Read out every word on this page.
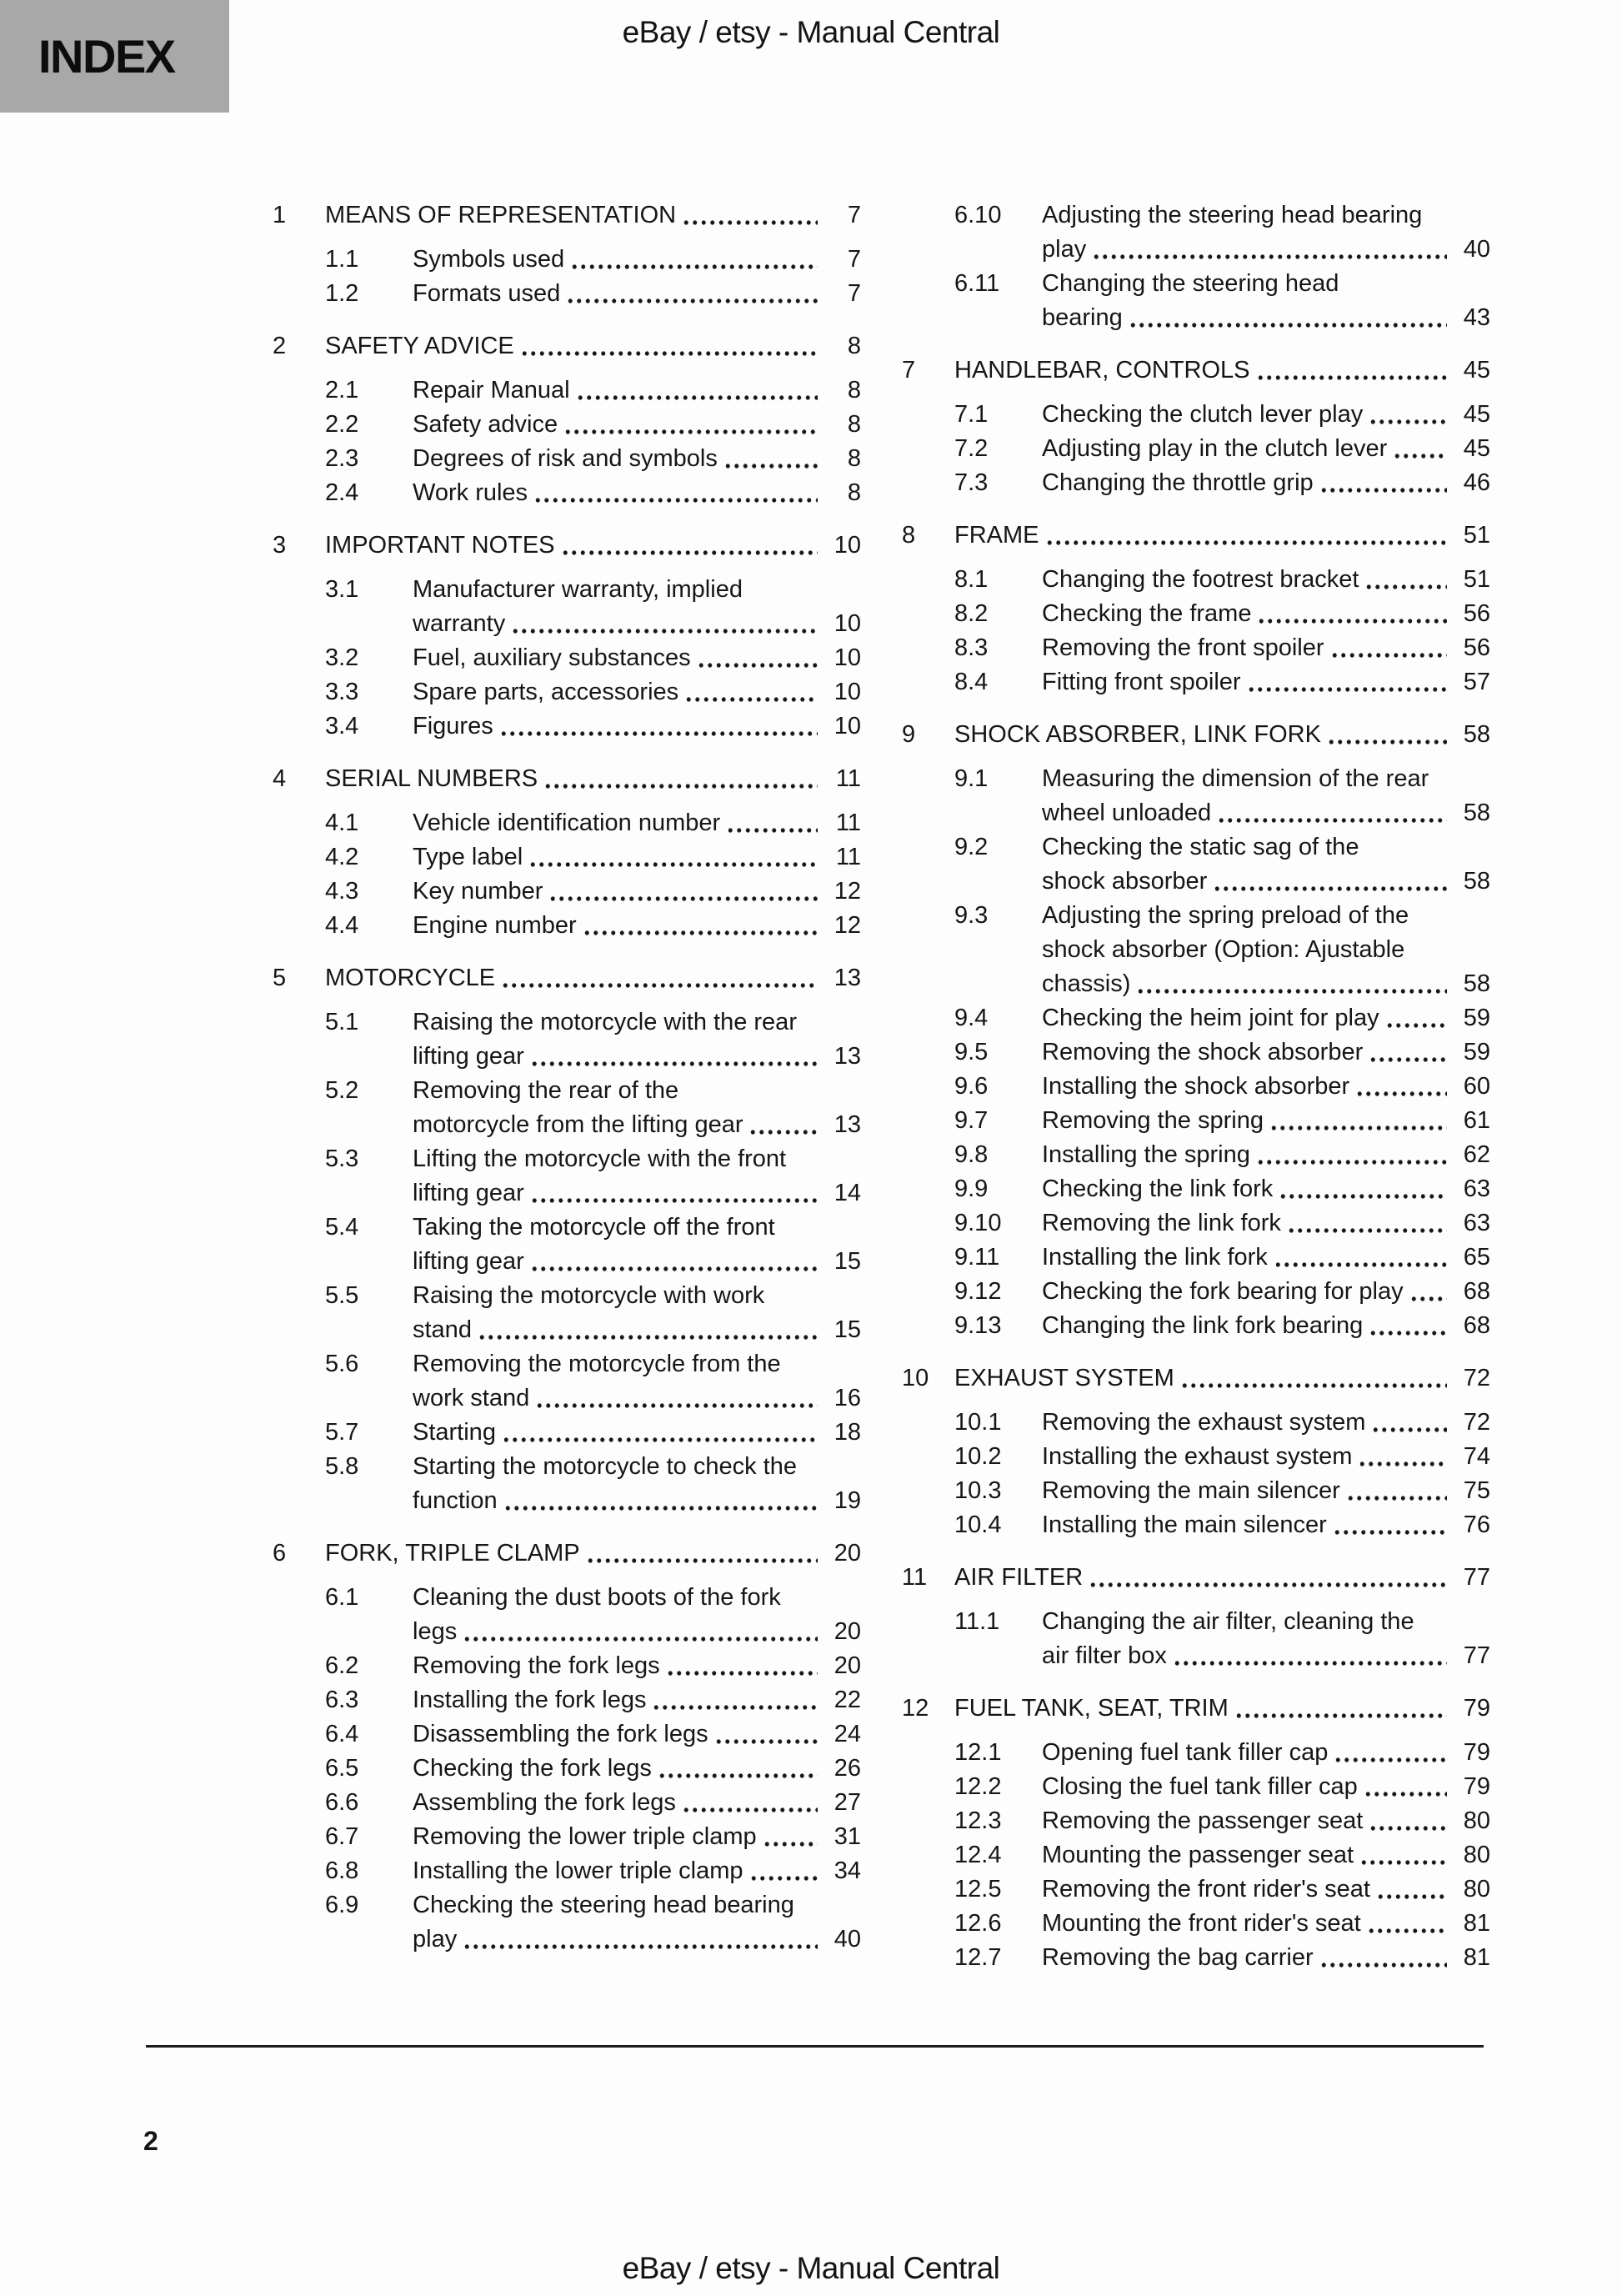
INDEX	eBay / etsy - Manual Central
1 MEANS OF REPRESENTATION	7
1.1 Symbols used	7
1.2 Formats used	7
2 SAFETY ADVICE	8
2.1 Repair Manual	8
2.2 Safety advice	8
2.3 Degrees of risk and symbols	8
2.4 Work rules	8
3 IMPORTANT NOTES	10
3.1 Manufacturer warranty, implied
warranty	10
3.2 Fuel, auxiliary substances	10
3.3 Spare parts, accessories	10
3.4 Figures	10
4 SERIAL NUMBERS	11
4.1 Vehicle identification number	11
4.2 Type label	11
4.3 Key number	12
4.4 Engine number	12
5 MOTORCYCLE	13
5.1 Raising the motorcycle with the rear
lifting gear	13
5.2 Removing the rear of the
motorcycle from the lifting gear	13
5.3 Lifting the motorcycle with the front
lifting gear	14
5.4 Taking the motorcycle off the front
lifting gear	15
5.5 Raising the motorcycle with work
stand	15
5.6 Removing the motorcycle from the
work stand	16
5.7 Starting	18
5.8 Starting the motorcycle to check the
function	19
6 FORK, TRIPLE CLAMP	20
6.1 Cleaning the dust boots of the fork
legs	20
6.2 Removing the fork legs	20
6.3 Installing the fork legs	22
6.4 Disassembling the fork legs	24
6.5 Checking the fork legs	26
6.6 Assembling the fork legs	27
6.7 Removing the lower triple clamp	31
6.8 Installing the lower triple clamp	34
6.9 Checking the steering head bearing
play	40
6.10 Adjusting the steering head bearing
play	40
6.11 Changing the steering head
bearing	43
7 HANDLEBAR, CONTROLS	45
7.1 Checking the clutch lever play	45
7.2 Adjusting play in the clutch lever	45
7.3 Changing the throttle grip	46
8 FRAME	51
8.1 Changing the footrest bracket	51
8.2 Checking the frame	56
8.3 Removing the front spoiler	56
8.4 Fitting front spoiler	57
9 SHOCK ABSORBER, LINK FORK	58
9.1 Measuring the dimension of the rear
wheel unloaded	58
9.2 Checking the static sag of the
shock absorber	58
9.3 Adjusting the spring preload of the
shock absorber (Option: Ajustable
chassis)	58
9.4 Checking the heim joint for play	59
9.5 Removing the shock absorber	59
9.6 Installing the shock absorber	60
9.7 Removing the spring	61
9.8 Installing the spring	62
9.9 Checking the link fork	63
9.10 Removing the link fork	63
9.11 Installing the link fork	65
9.12 Checking the fork bearing for play	68
9.13 Changing the link fork bearing	68
10 EXHAUST SYSTEM	72
10.1 Removing the exhaust system	72
10.2 Installing the exhaust system	74
10.3 Removing the main silencer	75
10.4 Installing the main silencer	76
11 AIR FILTER	77
11.1 Changing the air filter, cleaning the
air filter box	77
12 FUEL TANK, SEAT, TRIM	79
12.1 Opening fuel tank filler cap	79
12.2 Closing the fuel tank filler cap	79
12.3 Removing the passenger seat	80
12.4 Mounting the passenger seat	80
12.5 Removing the front rider's seat	80
12.6 Mounting the front rider's seat	81
12.7 Removing the bag carrier	81
2
eBay / etsy - Manual Central
